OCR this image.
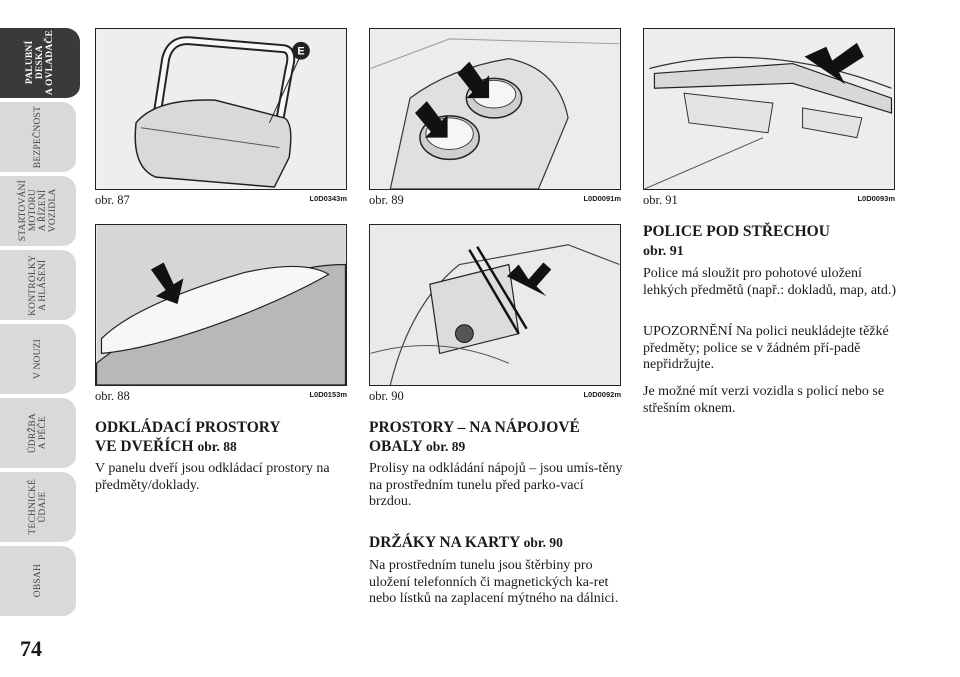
PALUBNÍ
DESKA
A OVLADAČE
BEZPEČNOST
STARTOVÁNÍ
MOTORU
A ŘÍZENÍ
VOZIDLA
KONTROLKY
A HLÁŠENÍ
V NOUZI
ÚDRŽBA
A PÉČE
TECHNICKÉ
ÚDAJE
OBSAH
74
E
obr. 87	L0D0343m obr. 89	L0D0091m obr. 91	L0D0093m
obr. 88	L0D0153m obr. 90	L0D0092m
ODKLÁDACÍ PROSTORY
VE DVEŘÍCH obr. 88
V panelu dveří jsou odkládací prostory na předměty/doklady.
PROSTORY – NA NÁPOJOVÉ
OBALY obr. 89
Prolisy na odkládání nápojů – jsou umís-těny na prostředním tunelu před parko-vací brzdou.
DRŽÁKY NA KARTY obr. 90
Na prostředním tunelu jsou štěrbiny pro uložení telefonních či magnetických ka-ret nebo lístků na zaplacení mýtného na dálnici.
POLICE POD STŘECHOU
obr. 91
Police má sloužit pro pohotové uložení lehkých předmětů (např.: dokladů, map, atd.)
UPOZORNĚNÍ Na polici neukládejte těžké předměty; police se v žádném pří-padě nepřidržujte.
Je možné mít verzi vozidla s policí nebo se střešním oknem.
